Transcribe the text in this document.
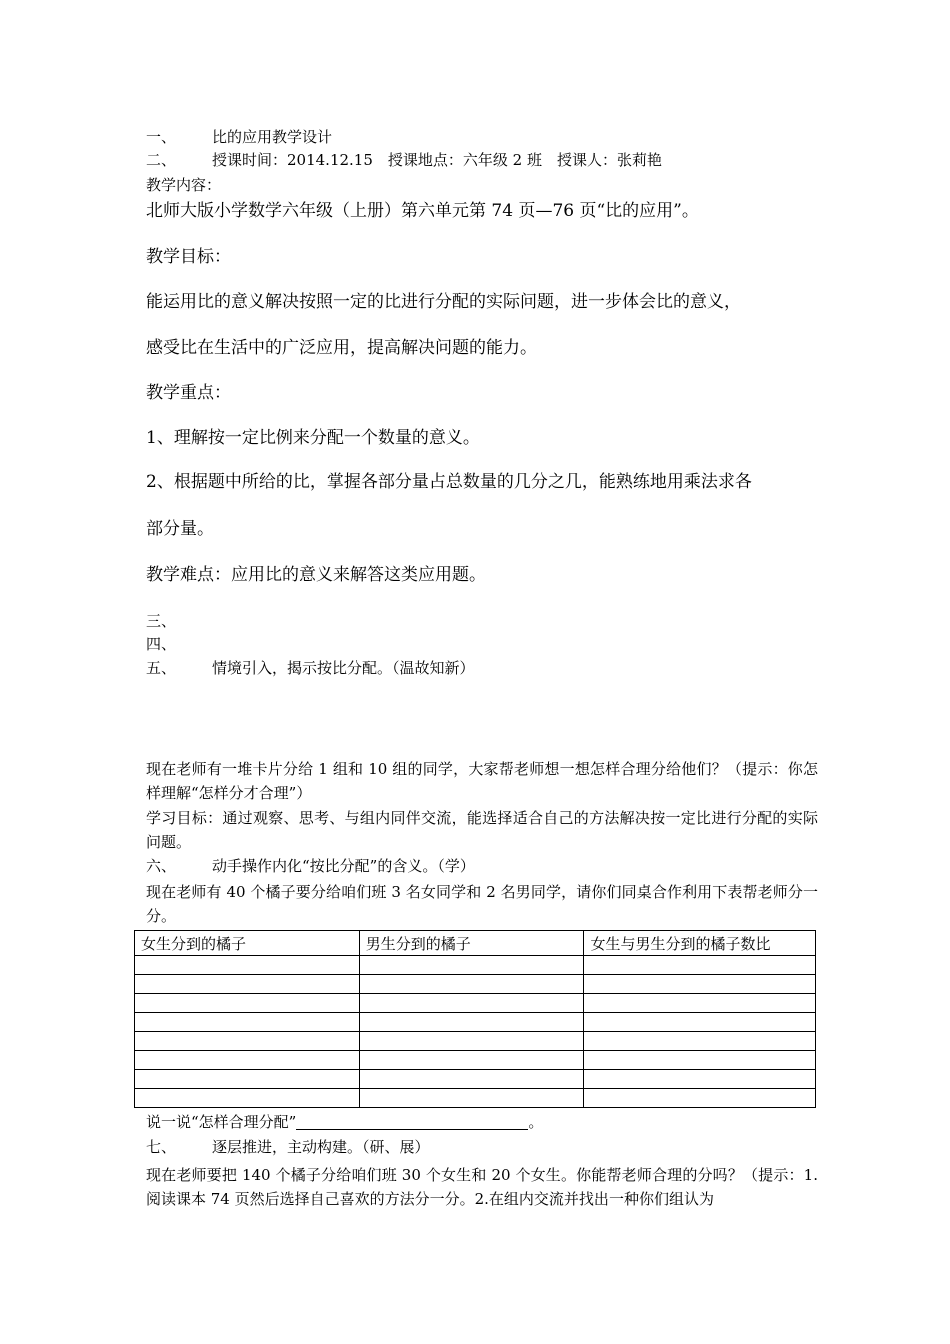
一、 比的应用教学设计
二、 授课时间：2014.12.15　授课地点：六年级 2 班　授课人：张莉艳
教学内容：
北师大版小学数学六年级（上册）第六单元第 74 页—76 页“比的应用”。
教学目标：
能运用比的意义解决按照一定的比进行分配的实际问题，进一步体会比的意义，
感受比在生活中的广泛应用，提高解决问题的能力。
教学重点：
1、理解按一定比例来分配一个数量的意义。
2、根据题中所给的比，掌握各部分量占总数量的几分之几，能熟练地用乘法求各
部分量。
教学难点：应用比的意义来解答这类应用题。
三、
四、
五、 情境引入，揭示按比分配。（温故知新）
现在老师有一堆卡片分给 1 组和 10 组的同学，大家帮老师想一想怎样合理分给他们？（提示：你怎样理解“怎样分才合理”）
学习目标：通过观察、思考、与组内同伴交流，能选择适合自己的方法解决按一定比进行分配的实际问题。
六、 动手操作内化“按比分配”的含义。（学）
现在老师有 40 个橘子要分给咱们班 3 名女同学和 2 名男同学，请你们同桌合作利用下表帮老师分一分。
女生分到的橘子	男生分到的橘子	女生与男生分到的橘子数比

说一说“怎样合理分配”	。
七、 逐层推进，主动构建。（研、展）
现在老师要把 140 个橘子分给咱们班 30 个女生和 20 个女生。你能帮老师合理的分吗？（提示：1.阅读课本 74 页然后选择自己喜欢的方法分一分。2.在组内交流并找出一种你们组认为
